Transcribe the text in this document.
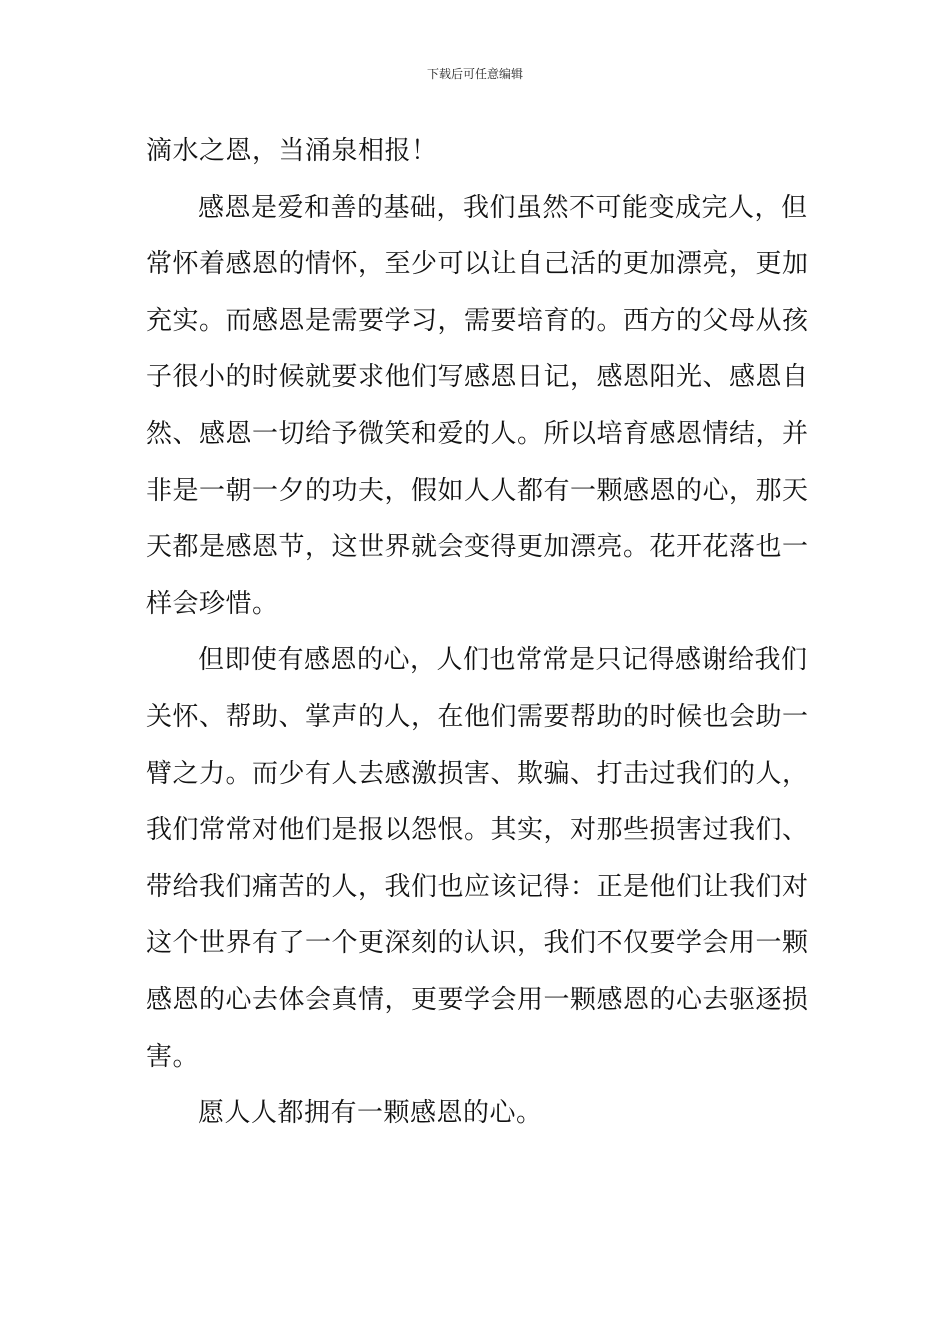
下载后可任意编辑
滴水之恩，当涌泉相报！
感恩是爱和善的基础，我们虽然不可能变成完人，但
常怀着感恩的情怀，至少可以让自己活的更加漂亮，更加
充实。而感恩是需要学习，需要培育的。西方的父母从孩
子很小的时候就要求他们写感恩日记，感恩阳光、感恩自
然、感恩一切给予微笑和爱的人。所以培育感恩情结，并
非是一朝一夕的功夫，假如人人都有一颗感恩的心，那天
天都是感恩节，这世界就会变得更加漂亮。花开花落也一
样会珍惜。
但即使有感恩的心，人们也常常是只记得感谢给我们
关怀、帮助、掌声的人，在他们需要帮助的时候也会助一
臂之力。而少有人去感激损害、欺骗、打击过我们的人，
我们常常对他们是报以怨恨。其实，对那些损害过我们、
带给我们痛苦的人，我们也应该记得：正是他们让我们对
这个世界有了一个更深刻的认识，我们不仅要学会用一颗
感恩的心去体会真情，更要学会用一颗感恩的心去驱逐损
害。
愿人人都拥有一颗感恩的心。
